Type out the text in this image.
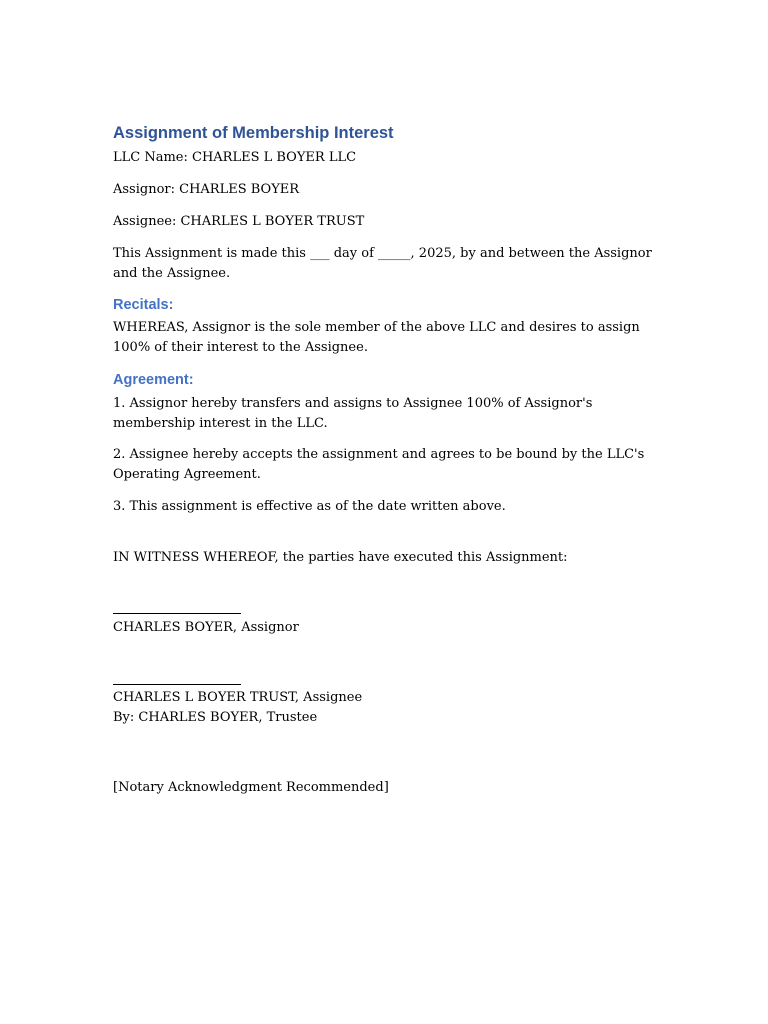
Assignment of Membership Interest

LLC Name: CHARLES L BOYER LLC

Assignor: CHARLES BOYER

Assignee: CHARLES L BOYER TRUST

This Assignment is made this ___ day of _____, 2025, by and between the Assignor and the Assignee.

Recitals:

WHEREAS, Assignor is the sole member of the above LLC and desires to assign 100% of their interest to the Assignee.

Agreement:

1. Assignor hereby transfers and assigns to Assignee 100% of Assignor's membership interest in the LLC.

2. Assignee hereby accepts the assignment and agrees to be bound by the LLC's Operating Agreement.

3. This assignment is effective as of the date written above.

IN WITNESS WHEREOF, the parties have executed this Assignment:

CHARLES BOYER, Assignor

CHARLES L BOYER TRUST, Assignee

By: CHARLES BOYER, Trustee

[Notary Acknowledgment Recommended]
